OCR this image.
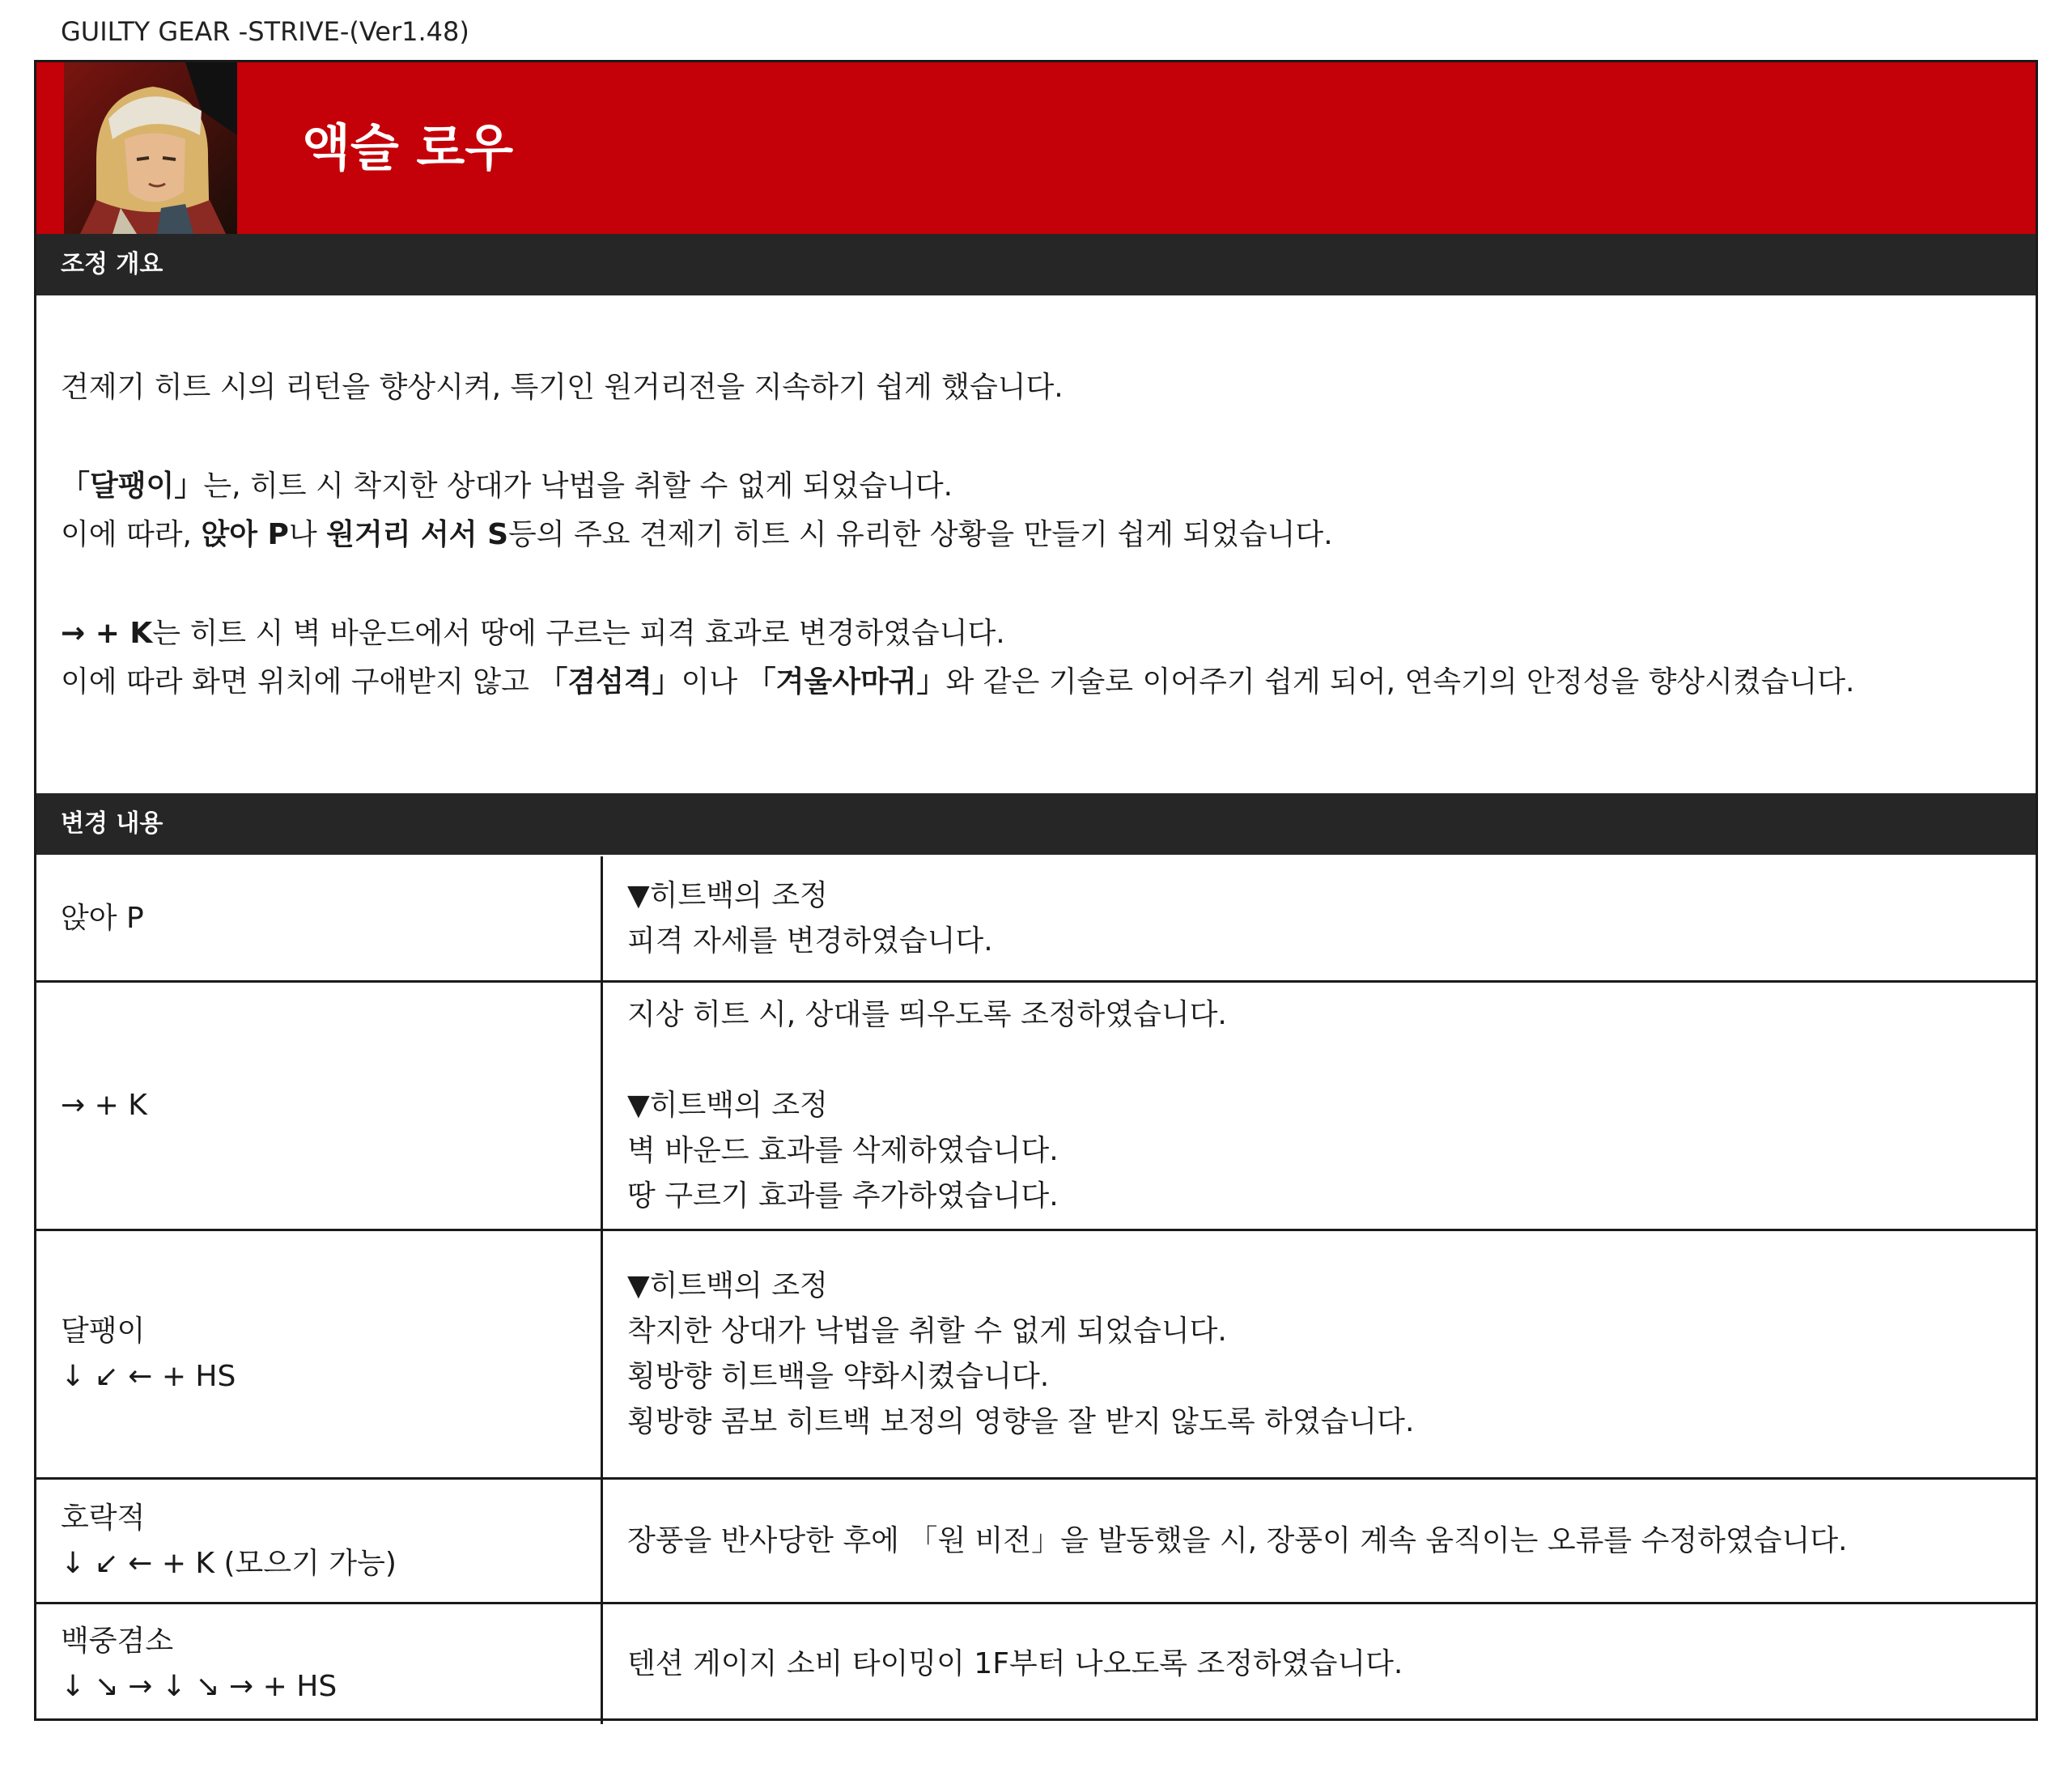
GUILTY GEAR -STRIVE-(Ver1.48)
액슬 로우
조정 개요
견제기 히트 시의 리턴을 향상시켜, 특기인 원거리전을 지속하기 쉽게 했습니다.
「달팽이」는, 히트 시 착지한 상대가 낙법을 취할 수 없게 되었습니다.
이에 따라, 앉아 P나 원거리 서서 S등의 주요 견제기 히트 시 유리한 상황을 만들기 쉽게 되었습니다.
→ + K는 히트 시 벽 바운드에서 땅에 구르는 피격 효과로 변경하였습니다.
이에 따라 화면 위치에 구애받지 않고 「겸섬격」이나 「겨울사마귀」와 같은 기술로 이어주기 쉽게 되어, 연속기의 안정성을 향상시켰습니다.
변경 내용
앉아 P
▼히트백의 조정
피격 자세를 변경하였습니다.
→ + K
지상 히트 시, 상대를 띄우도록 조정하였습니다.
▼히트백의 조정
벽 바운드 효과를 삭제하였습니다.
땅 구르기 효과를 추가하였습니다.
달팽이
↓ ↙ ← + HS
▼히트백의 조정
착지한 상대가 낙법을 취할 수 없게 되었습니다.
횡방향 히트백을 약화시켰습니다.
횡방향 콤보 히트백 보정의 영향을 잘 받지 않도록 하였습니다.
호락적
↓ ↙ ← + K (모으기 가능)
장풍을 반사당한 후에 「원 비전」을 발동했을 시, 장풍이 계속 움직이는 오류를 수정하였습니다.
백중겸소
↓ ↘ → ↓ ↘ → + HS
텐션 게이지 소비 타이밍이 1F부터 나오도록 조정하였습니다.
